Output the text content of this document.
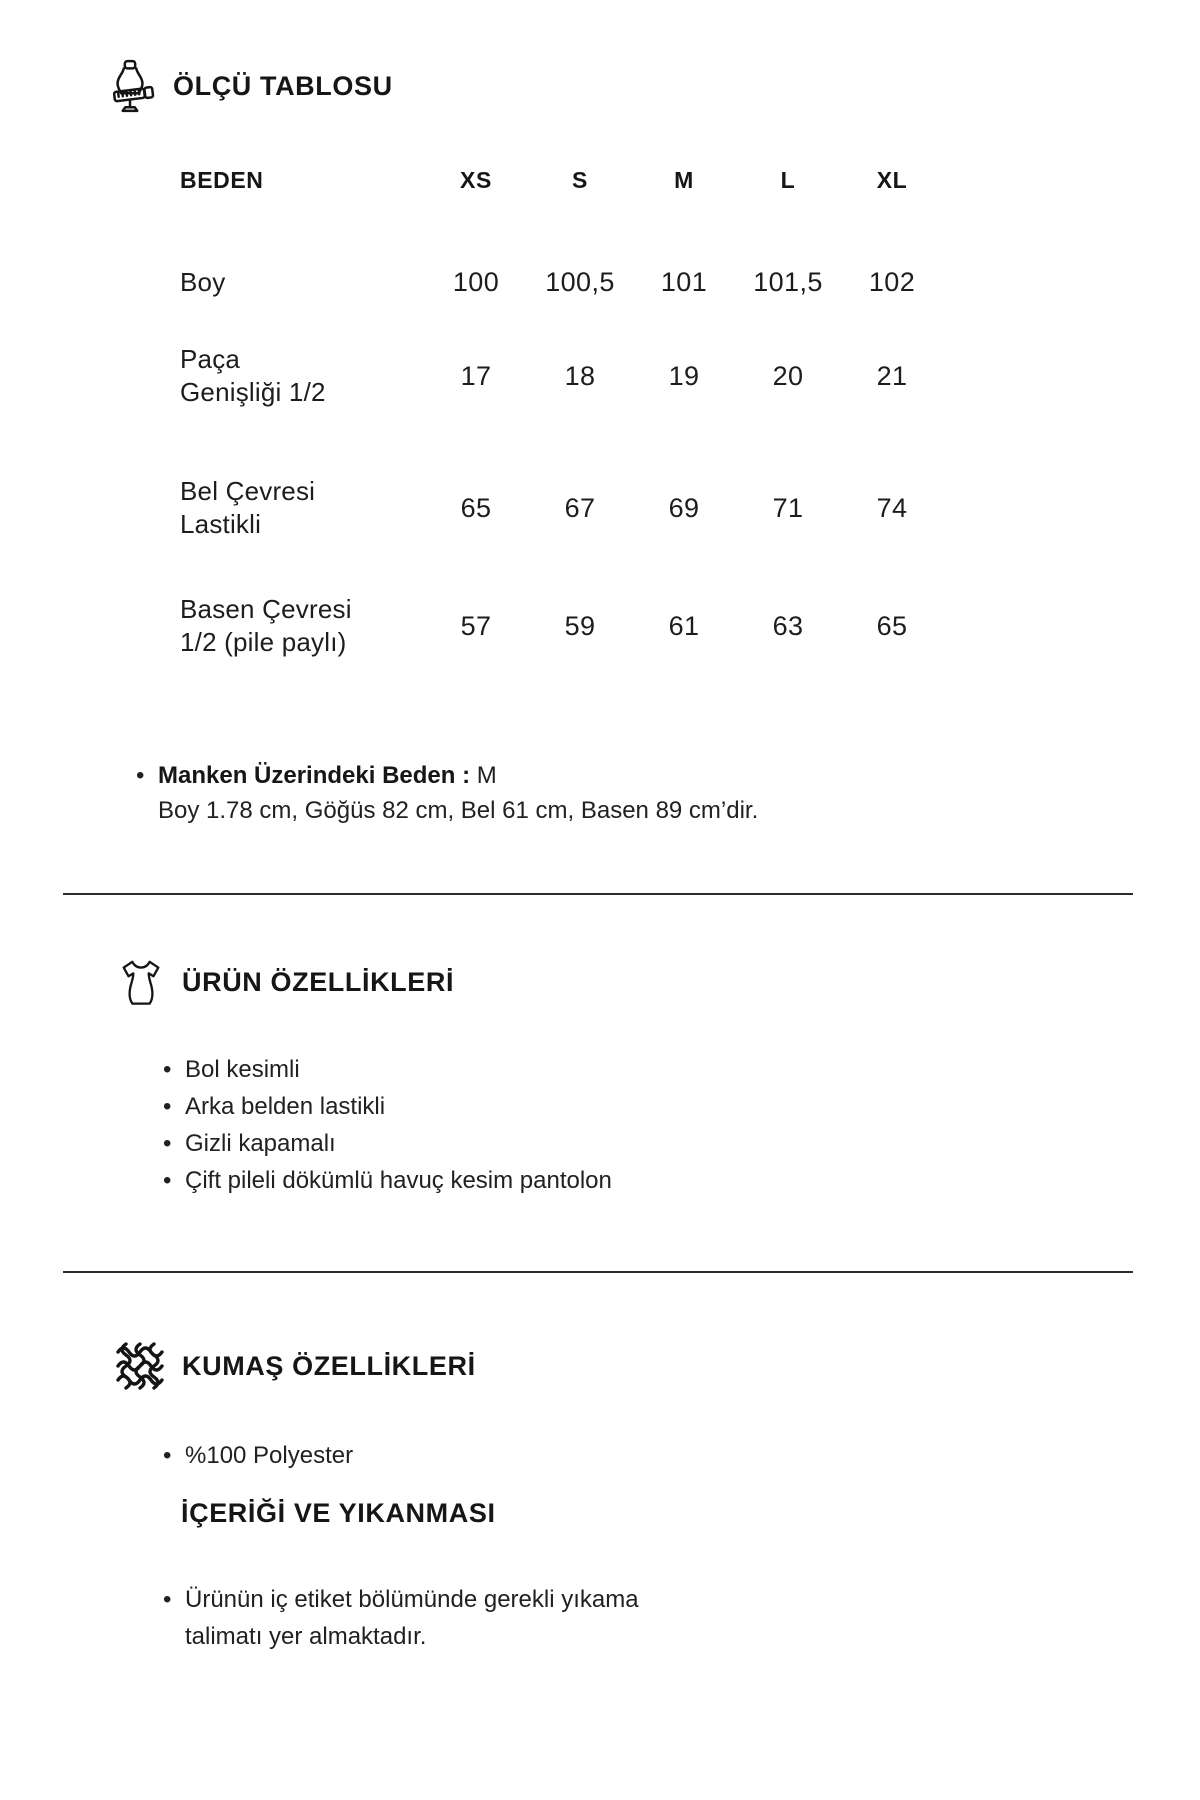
ÖLÇÜ TABLOSU
BEDEN	XS	S	M	L	XL
Boy	100	100,5	101	101,5	102
Paça
Genişliği 1/2
17	18	19	20	21
Bel Çevresi
Lastikli
65	67	69	71	74
Basen Çevresi
1/2 (pile paylı)
57	59	61	63	65
•
Manken Üzerindeki Beden : M
Boy 1.78 cm, Göğüs 82 cm, Bel 61 cm, Basen 89 cm’dir.
ÜRÜN ÖZELLİKLERİ
•
Bol kesimli
•
Arka belden lastikli
•
Gizli kapamalı
•
Çift pileli dökümlü havuç kesim pantolon
KUMAŞ ÖZELLİKLERİ
•
%100 Polyester
İÇERİĞİ VE YIKANMASI
•
Ürünün iç etiket bölümünde gerekli yıkama talimatı yer almaktadır.
